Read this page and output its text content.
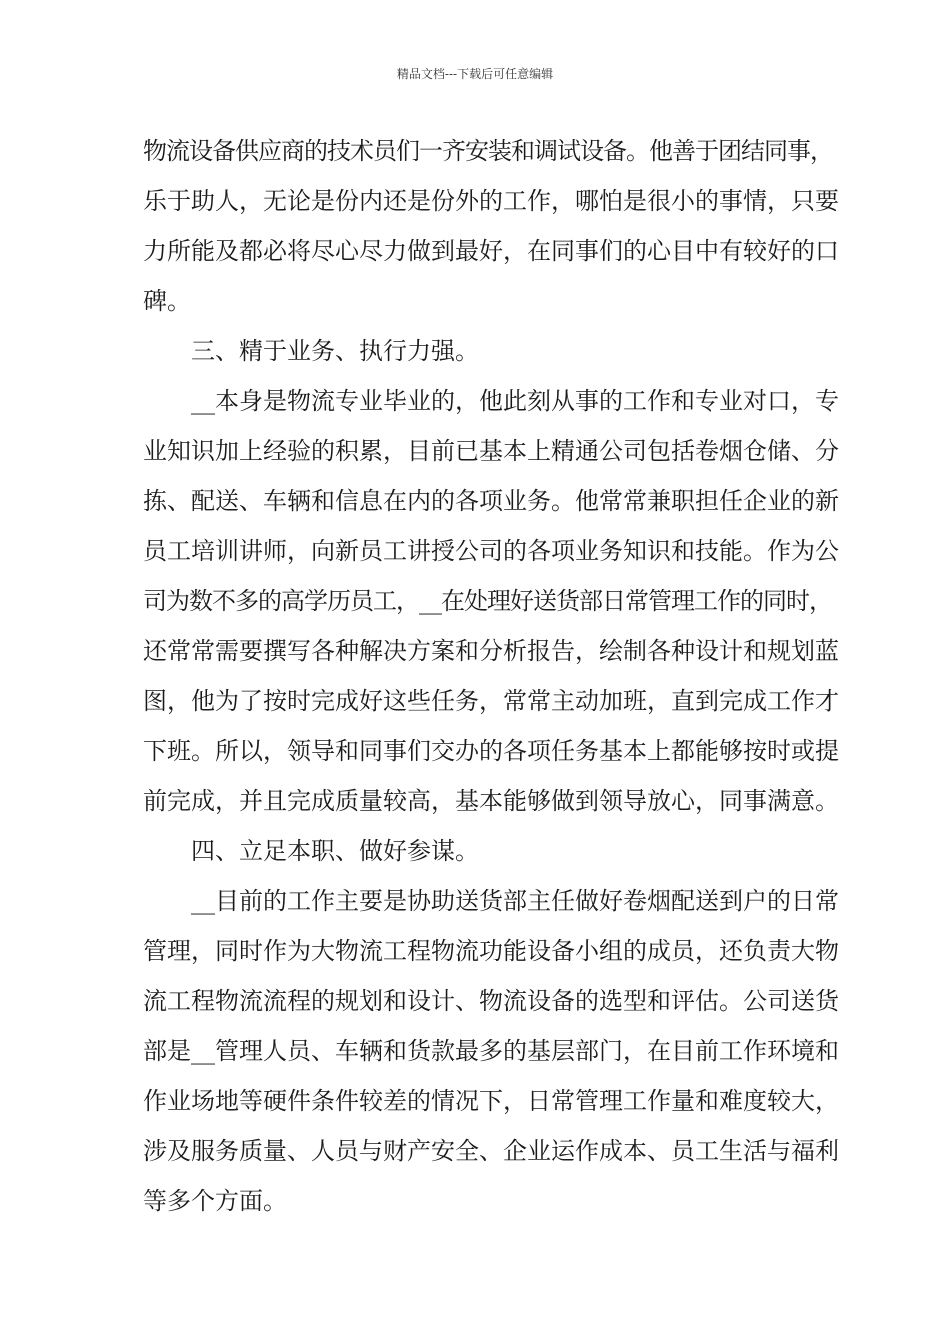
精品文档---下载后可任意编辑
物流设备供应商的技术员们一齐安装和调试设备。他善于团结同事，
乐于助人，无论是份内还是份外的工作，哪怕是很小的事情，只要
力所能及都必将尽心尽力做到最好，在同事们的心目中有较好的口
碑。
三、精于业务、执行力强。
__本身是物流专业毕业的，他此刻从事的工作和专业对口，专
业知识加上经验的积累，目前已基本上精通公司包括卷烟仓储、分
拣、配送、车辆和信息在内的各项业务。他常常兼职担任企业的新
员工培训讲师，向新员工讲授公司的各项业务知识和技能。作为公
司为数不多的高学历员工，__在处理好送货部日常管理工作的同时，
还常常需要撰写各种解决方案和分析报告，绘制各种设计和规划蓝
图，他为了按时完成好这些任务，常常主动加班，直到完成工作才
下班。所以，领导和同事们交办的各项任务基本上都能够按时或提
前完成，并且完成质量较高，基本能够做到领导放心，同事满意。
四、立足本职、做好参谋。
__目前的工作主要是协助送货部主任做好卷烟配送到户的日常
管理，同时作为大物流工程物流功能设备小组的成员，还负责大物
流工程物流流程的规划和设计、物流设备的选型和评估。公司送货
部是__管理人员、车辆和货款最多的基层部门，在目前工作环境和
作业场地等硬件条件较差的情况下，日常管理工作量和难度较大，
涉及服务质量、人员与财产安全、企业运作成本、员工生活与福利
等多个方面。
